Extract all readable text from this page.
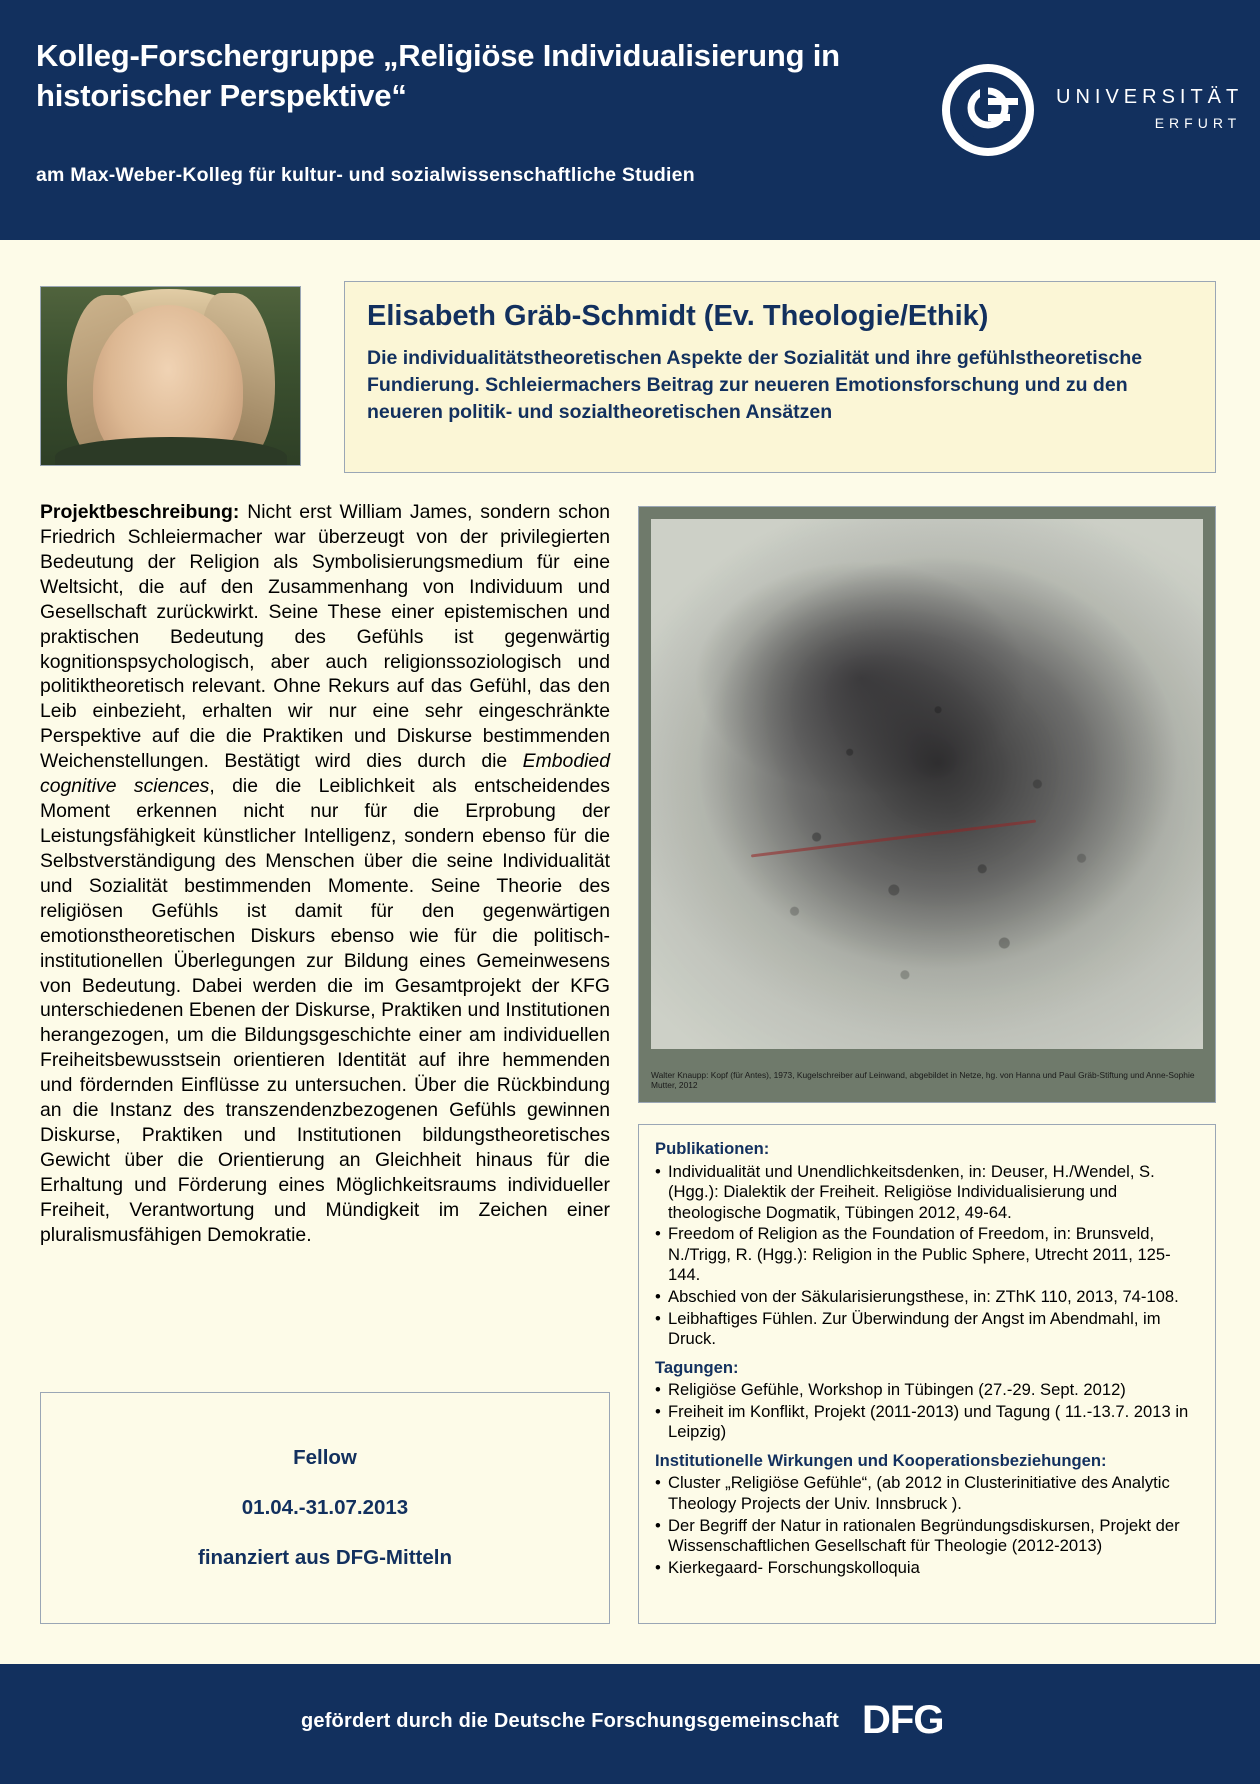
Kolleg-Forschergruppe „Religiöse Individualisierung in historischer Perspektive“
am Max-Weber-Kolleg für kultur- und sozialwissenschaftliche Studien
UNIVERSITÄT
ERFURT
Elisabeth Gräb-Schmidt (Ev. Theologie/Ethik)
Die individualitätstheoretischen Aspekte der Sozialität und ihre gefühlstheoretische Fundierung. Schleiermachers Beitrag zur neueren Emotionsforschung und zu den neueren politik- und sozialtheoretischen Ansätzen
Projektbeschreibung: Nicht erst William James, sondern schon Friedrich Schleiermacher war überzeugt von der privilegierten Bedeutung der Religion als Symbolisierungsmedium für eine Weltsicht, die auf den Zusammenhang von Individuum und Gesellschaft zurückwirkt. Seine These einer epistemischen und praktischen Bedeutung des Gefühls ist gegenwärtig kognitionspsychologisch, aber auch religionssoziologisch und politiktheoretisch relevant. Ohne Rekurs auf das Gefühl, das den Leib einbezieht, erhalten wir nur eine sehr eingeschränkte Perspektive auf die die Praktiken und Diskurse bestimmenden Weichenstellungen. Bestätigt wird dies durch die Embodied cognitive sciences, die die Leiblichkeit als entscheidendes Moment erkennen nicht nur für die Erprobung der Leistungsfähigkeit künstlicher Intelligenz, sondern ebenso für die Selbstverständigung des Menschen über die seine Individualität und Sozialität bestimmenden Momente. Seine Theorie des religiösen Gefühls ist damit für den gegenwärtigen emotionstheoretischen Diskurs ebenso wie für die politisch-institutionellen Überlegungen zur Bildung eines Gemeinwesens von Bedeutung. Dabei werden die im Gesamtprojekt der KFG unterschiedenen Ebenen der Diskurse, Praktiken und Institutionen herangezogen, um die Bildungsgeschichte einer am individuellen Freiheitsbewusstsein orientieren Identität auf ihre hemmenden und fördernden Einflüsse zu untersuchen. Über die Rückbindung an die Instanz des transzendenzbezogenen Gefühls gewinnen Diskurse, Praktiken und Institutionen bildungstheoretisches Gewicht über die Orientierung an Gleichheit hinaus für die Erhaltung und Förderung eines Möglichkeitsraums individueller Freiheit, Verantwortung und Mündigkeit im Zeichen einer pluralismusfähigen Demokratie.
Fellow
01.04.-31.07.2013
finanziert aus DFG-Mitteln
Walter Knaupp: Kopf (für Antes), 1973, Kugelschreiber auf Leinwand, abgebildet in Netze, hg. von Hanna und Paul Gräb-Stiftung und Anne-Sophie Mutter, 2012
Publikationen:
• Individualität und Unendlichkeitsdenken, in: Deuser, H./Wendel, S. (Hgg.): Dialektik der Freiheit. Religiöse Individualisierung und theologische Dogmatik, Tübingen 2012, 49-64.
• Freedom of Religion as the Foundation of Freedom, in: Brunsveld, N./Trigg, R. (Hgg.): Religion in the Public Sphere, Utrecht 2011, 125-144.
• Abschied von der Säkularisierungsthese, in: ZThK 110, 2013, 74-108.
• Leibhaftiges Fühlen. Zur Überwindung der Angst im Abendmahl, im Druck.
Tagungen:
• Religiöse Gefühle, Workshop in Tübingen (27.-29. Sept. 2012)
• Freiheit im Konflikt, Projekt (2011-2013) und Tagung ( 11.-13.7. 2013 in Leipzig)
Institutionelle Wirkungen und Kooperationsbeziehungen:
• Cluster „Religiöse Gefühle“, (ab 2012 in Clusterinitiative des Analytic Theology Projects der Univ. Innsbruck ).
• Der Begriff der Natur in rationalen Begründungsdiskursen, Projekt der Wissenschaftlichen Gesellschaft für Theologie (2012-2013)
• Kierkegaard- Forschungskolloquia
gefördert durch die Deutsche Forschungsgemeinschaft DFG
